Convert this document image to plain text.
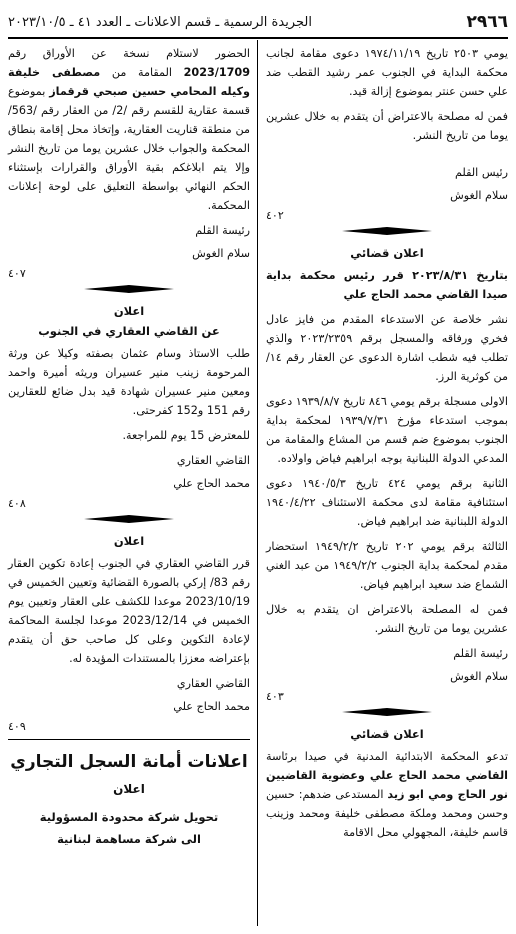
٢٩٦٦
الجريدة الرسمية ـ قسم الاعلانات ـ العدد ٤١ ـ ٢٠٢٣/١٠/٥

يومي ٢٥٠٣ تاريخ ١٩٧٤/١١/١٩ دعوى مقامة لجانب محكمة البداية في الجنوب عمر رشيد القطب ضد علي حسن عنتر بموضوع إزالة قيد.

فمن له مصلحة بالاعتراض أن يتقدم به خلال عشرين يوما من تاريخ النشر.

رئيس القلم
سلام الغوش
٤٠٢
اعلان قضائي

بتاريخ ٢٠٢٣/٨/٣١ قرر رئيس محكمة بداية صيدا القاضي محمد الحاج علي

نشر خلاصة عن الاستدعاء المقدم من فايز عادل فخري ورفاقه والمسجل برقم ٢٠٢٣/٢٣٥٩ والذي تطلب فيه شطب اشارة الدعوى عن العقار رقم ١٤/ من كوثرية الرز.

الاولى مسجلة برقم يومي ٨٤٦ تاريخ ١٩٣٩/٨/٧ دعوى بموجب استدعاء مؤرخ ١٩٣٩/٧/٣١ لمحكمة بداية الجنوب بموضوع ضم قسم من المشاع والمقامة من المدعي الدولة اللبنانية بوجه ابراهيم فياض واولاده.

الثانية برقم يومي ٤٢٤ تاريخ ١٩٤٠/٥/٣ دعوى استئنافية مقامة لدى محكمة الاستئناف ١٩٤٠/٤/٢٢ الدولة اللبنانية ضد ابراهيم فياض.

الثالثة برقم يومي ٢٠٢ تاريخ ١٩٤٩/٢/٢ استحضار مقدم لمحكمة بداية الجنوب ١٩٤٩/٢/٢ من عبد الغني الشماع ضد سعيد ابراهيم فياض.

فمن له المصلحة بالاعتراض ان يتقدم به خلال عشرين يوما من تاريخ النشر.

رئيسة القلم
سلام الغوش
٤٠٣
اعلان قضائي

تدعو المحكمة الابتدائية المدنية في صيدا برئاسة القاضي محمد الحاج علي وعضوية القاضيين نور الحاج ومي ابو زيد المستدعى ضدهم: حسين وحسن ومحمد وملكة مصطفى خليفة ومحمد وزينب قاسم خليفة، المجهولي محل الاقامة

الحضور لاستلام نسخة عن الأوراق رقم 2023/1709 المقامة من مصطفى خليفة وكيله المحامي حسين صبحي قرقماز بموضوع قسمة عقارية للقسم رقم /2/ من العقار رقم /563/ من منطقة قناريت العقارية، وإتخاذ محل إقامة بنطاق المحكمة والجواب خلال عشرين يوما من تاريخ النشر وإلا يتم ابلاغكم بقية الأوراق والقرارات بإستثناء الحكم النهائي بواسطة التعليق على لوحة إعلانات المحكمة.

رئيسة القلم
سلام الغوش
٤٠٧
اعلان
عن القاضي العقاري في الجنوب

طلب الاستاذ وسام عثمان بصفته وكيلا عن ورثة المرحومة زينب منير عسيران وريثه أميرة واحمد ومعين منير عسيران شهادة قيد بدل ضائع للعقارين رقم 151 و152 كفرحتى.

للمعترض 15 يوم للمراجعة.

القاضي العقاري
محمد الحاج علي
٤٠٨
اعلان

قرر القاضي العقاري في الجنوب إعادة تكوين العقار رقم 83/ إركي بالصورة القضائية وتعيين الخميس في 2023/10/19 موعدا للكشف على العقار وتعيين يوم الخميس في 2023/12/14 موعدا لجلسة المحاكمة لإعادة التكوين وعلى كل صاحب حق أن يتقدم بإعتراضه معززا بالمستندات المؤيدة له.

القاضي العقاري
محمد الحاج علي
٤٠٩
اعلانات أمانة السجل التجاري
اعلان
تحويل شركة محدودة المسؤولية
الى شركة مساهمة لبنانية
